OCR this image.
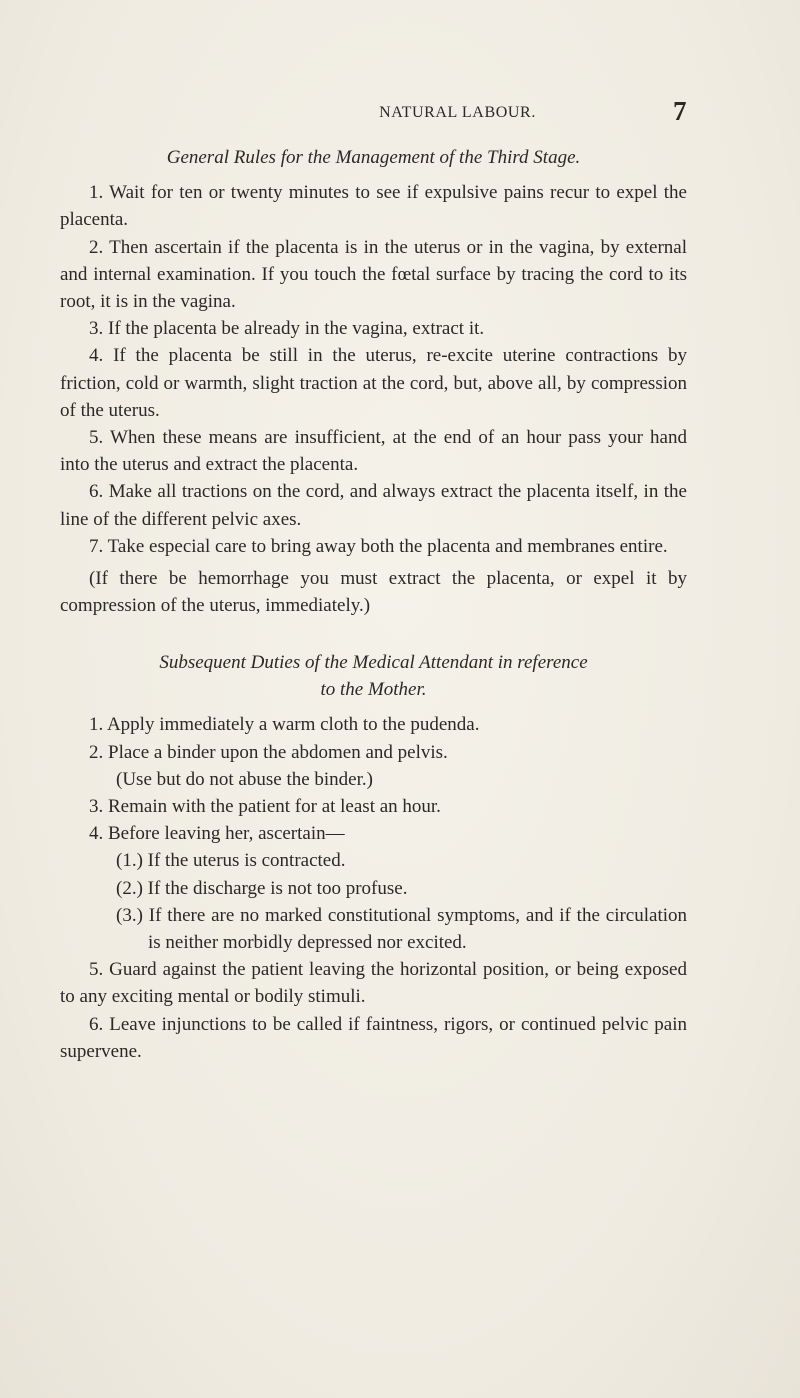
NATURAL LABOUR.	7
General Rules for the Management of the Third Stage.

1. Wait for ten or twenty minutes to see if expulsive pains recur to expel the placenta.

2. Then ascertain if the placenta is in the uterus or in the vagina, by external and internal examination. If you touch the fœtal surface by tracing the cord to its root, it is in the vagina.

3. If the placenta be already in the vagina, extract it.

4. If the placenta be still in the uterus, re-excite uterine contractions by friction, cold or warmth, slight traction at the cord, but, above all, by compression of the uterus.

5. When these means are insufficient, at the end of an hour pass your hand into the uterus and extract the placenta.

6. Make all tractions on the cord, and always extract the placenta itself, in the line of the different pelvic axes.

7. Take especial care to bring away both the placenta and membranes entire.

(If there be hemorrhage you must extract the placenta, or expel it by compression of the uterus, immediately.)

Subsequent Duties of the Medical Attendant in reference
to the Mother.

1. Apply immediately a warm cloth to the pudenda.

2. Place a binder upon the abdomen and pelvis.

(Use but do not abuse the binder.)

3. Remain with the patient for at least an hour.

4. Before leaving her, ascertain—

(1.) If the uterus is contracted.

(2.) If the discharge is not too profuse.

(3.) If there are no marked constitutional symptoms, and if the circulation is neither morbidly depressed nor excited.

5. Guard against the patient leaving the horizontal position, or being exposed to any exciting mental or bodily stimuli.

6. Leave injunctions to be called if faintness, rigors, or continued pelvic pain supervene.
